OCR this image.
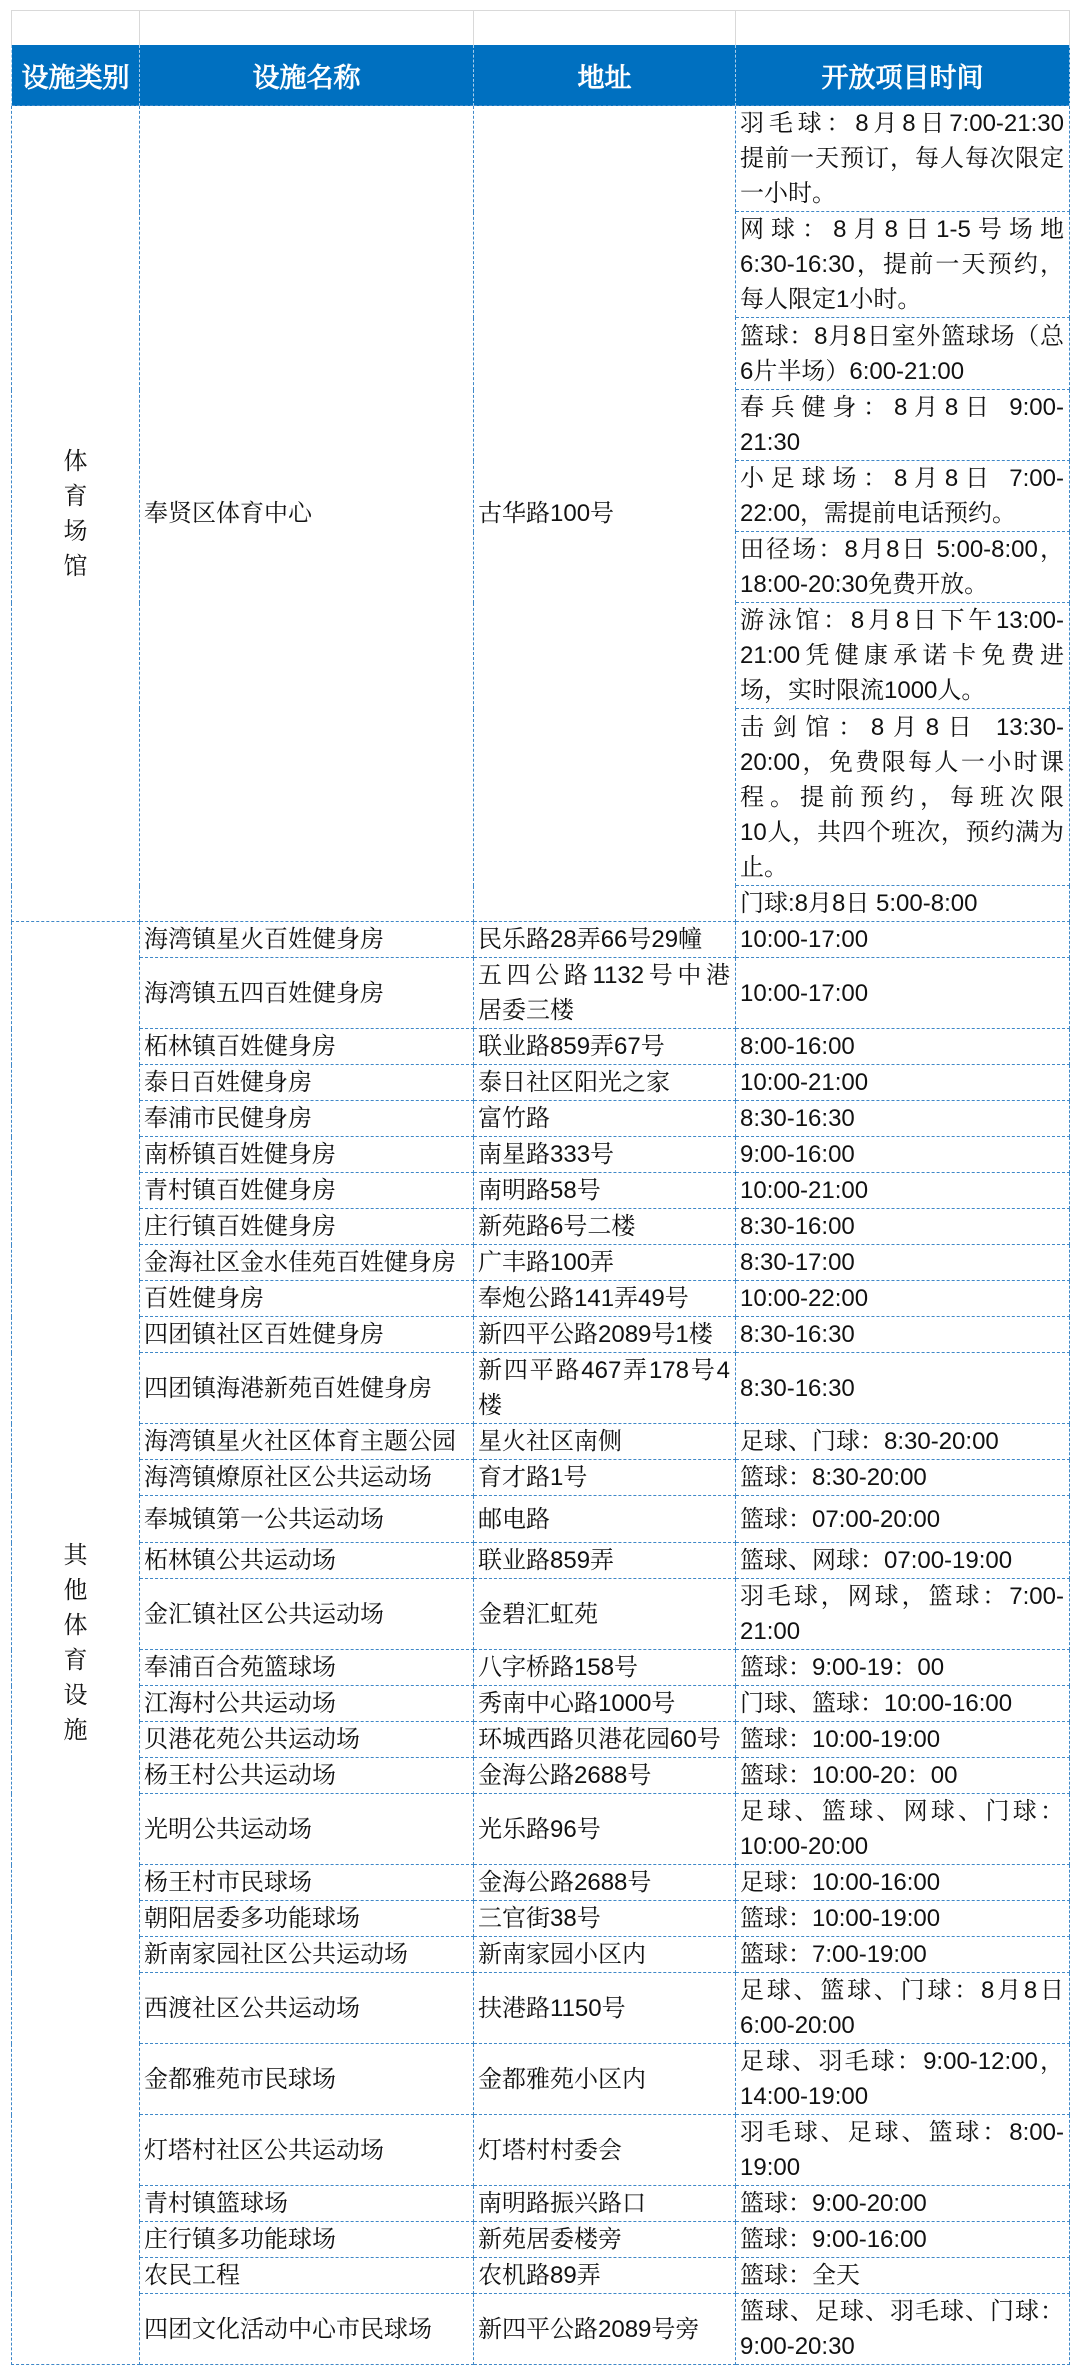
设施类别	设施名称	地址	开放项目时间
体育场馆	奉贤区体育中心	古华路100号	羽毛球：8月8日7:00-21:30
提前一天预订，每人每次限定
一小时。

			网球：8月8日1-5号场地
6:30-16:30，提前一天预约，
每人限定1小时。

			篮球：8月8日室外篮球场（总
6片半场）6:00-21:00

			春兵健身：8月8日 9:00-
21:30

			小足球场：8月8日 7:00-
22:00，需提前电话预约。

			田径场：8月8日 5:00-8:00，
18:00-20:30免费开放。

			游泳馆：8月8日下午13:00-
21:00凭健康承诺卡免费进
场，实时限流1000人。

			击剑馆：8月8日 13:30-
20:00，免费限每人一小时课
程。提前预约，每班次限
10人，共四个班次，预约满为
止。

			门球:8月8日 5:00-8:00

其他体育设施	海湾镇星火百姓健身房	民乐路28弄66号29幢	10:00-17:00

	海湾镇五四百姓健身房	五四公路1132号中港
居委三楼	10:00-17:00

	柘林镇百姓健身房	联业路859弄67号	8:00-16:00

	泰日百姓健身房	泰日社区阳光之家	10:00-21:00

	奉浦市民健身房	富竹路	8:30-16:30

	南桥镇百姓健身房	南星路333号	9:00-16:00

	青村镇百姓健身房	南明路58号	10:00-21:00

	庄行镇百姓健身房	新苑路6号二楼	8:30-16:00

	金海社区金水佳苑百姓健身房	广丰路100弄	8:30-17:00

	百姓健身房	奉炮公路141弄49号	10:00-22:00

	四团镇社区百姓健身房	新四平公路2089号1楼	8:30-16:30

	四团镇海港新苑百姓健身房	新四平路467弄178号4
楼	8:30-16:30

	海湾镇星火社区体育主题公园	星火社区南侧	足球、门球：8:30-20:00

	海湾镇燎原社区公共运动场	育才路1号	篮球：8:30-20:00

	奉城镇第一公共运动场	邮电路	篮球：07:00-20:00

	柘林镇公共运动场	联业路859弄	篮球、网球：07:00-19:00

	金汇镇社区公共运动场	金碧汇虹苑	羽毛球，网球，篮球：7:00-
21:00

	奉浦百合苑篮球场	八字桥路158号	篮球：9:00-19：00

	江海村公共运动场	秀南中心路1000号	门球、篮球：10:00-16:00

	贝港花苑公共运动场	环城西路贝港花园60号	篮球：10:00-19:00

	杨王村公共运动场	金海公路2688号	篮球：10:00-20：00

	光明公共运动场	光乐路96号	足球、篮球、网球、门球：
10:00-20:00

	杨王村市民球场	金海公路2688号	足球：10:00-16:00

	朝阳居委多功能球场	三官街38号	篮球：10:00-19:00

	新南家园社区公共运动场	新南家园小区内	篮球：7:00-19:00

	西渡社区公共运动场	扶港路1150号	足球、篮球、门球：8月8日
6:00-20:00

	金都雅苑市民球场	金都雅苑小区内	足球、羽毛球：9:00-12:00，
14:00-19:00

	灯塔村社区公共运动场	灯塔村村委会	羽毛球、足球、篮球：8:00-
19:00

	青村镇篮球场	南明路振兴路口	篮球：9:00-20:00

	庄行镇多功能球场	新苑居委楼旁	篮球：9:00-16:00

	农民工程	农机路89弄	篮球：全天

	四团文化活动中心市民球场	新四平公路2089号旁	篮球、足球、羽毛球、门球：
9:00-20:30
